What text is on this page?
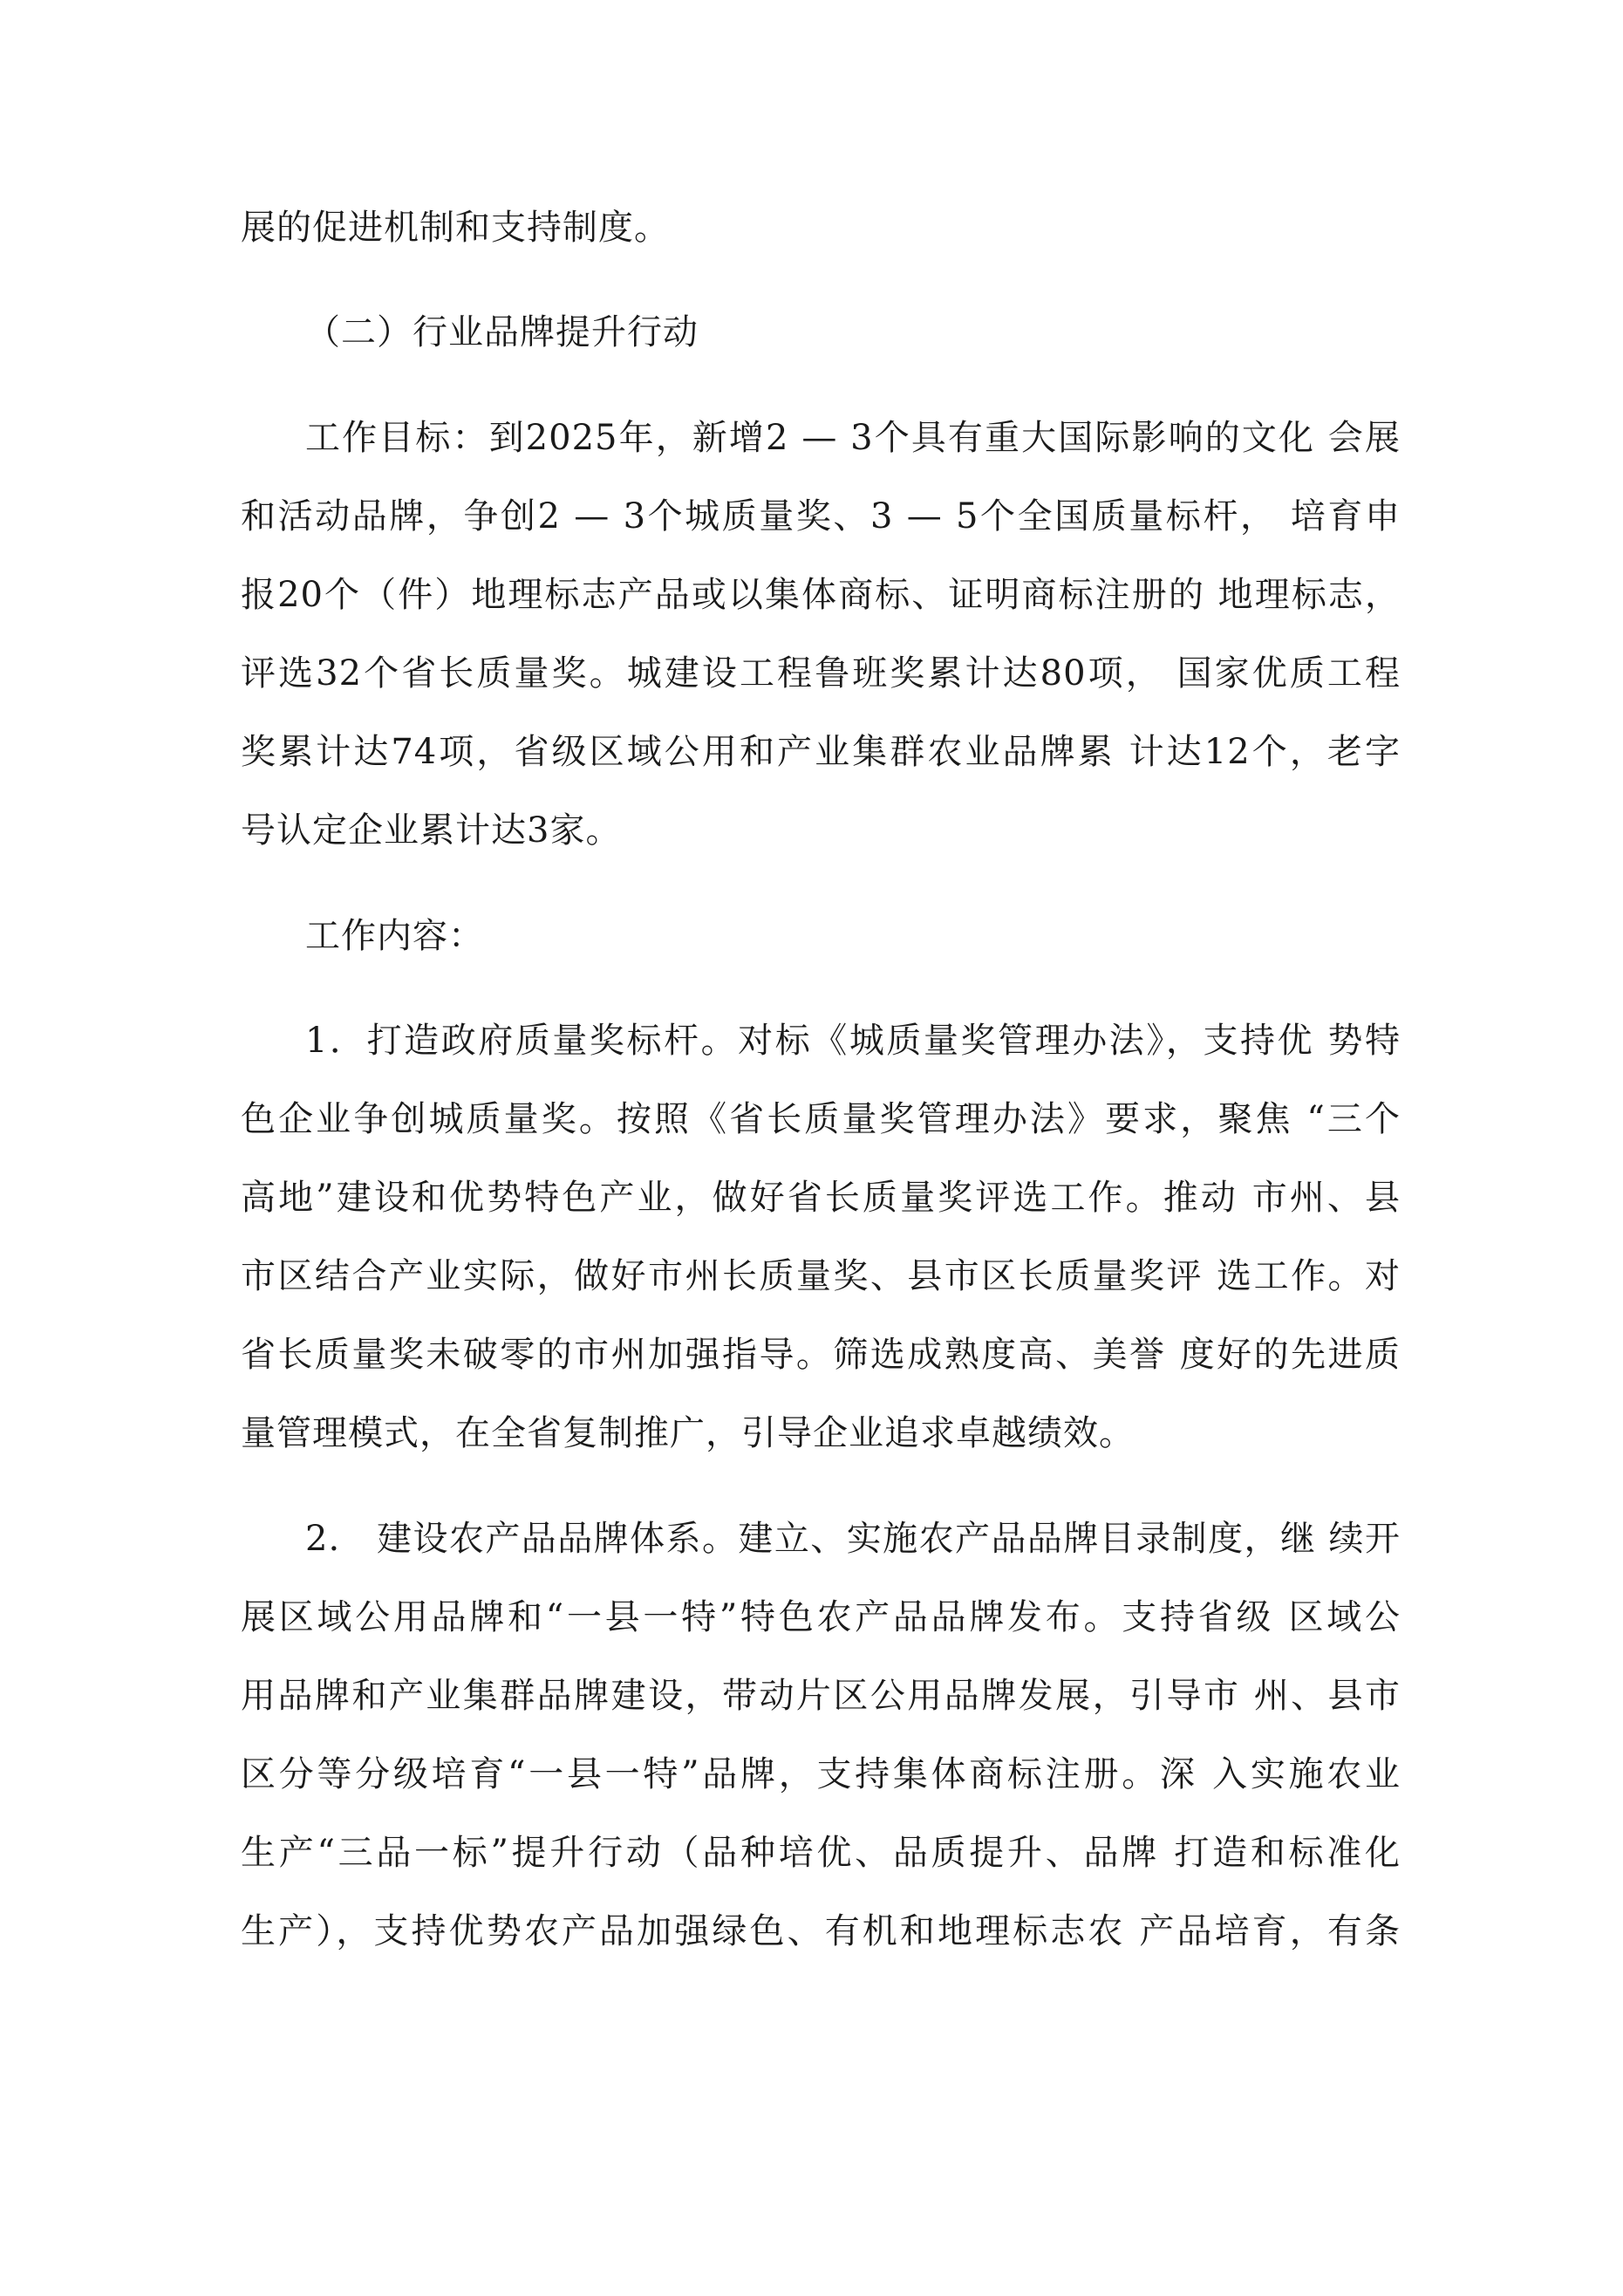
展的促进机制和支持制度。
（二）行业品牌提升行动
工作目标：到2025年，新增2 — 3个具有重大国际影响的文化 会展
和活动品牌，争创2 — 3个城质量奖、3 — 5个全国质量标杆， 培育申
报20个（件）地理标志产品或以集体商标、证明商标注册的 地理标志，
评选32个省长质量奖。城建设工程鲁班奖累计达80项， 国家优质工程
奖累计达74项，省级区域公用和产业集群农业品牌累 计达12个，老字
号认定企业累计达3家。
工作内容：
1．打造政府质量奖标杆。对标《城质量奖管理办法》，支持优 势特
色企业争创城质量奖。按照《省长质量奖管理办法》要求，聚焦 “三个
高地”建设和优势特色产业，做好省长质量奖评选工作。推动 市州、县
市区结合产业实际，做好市州长质量奖、县市区长质量奖评 选工作。对
省长质量奖未破零的市州加强指导。筛选成熟度高、美誉 度好的先进质
量管理模式，在全省复制推广，引导企业追求卓越绩效。
2.　建设农产品品牌体系。建立、实施农产品品牌目录制度，继 续开
展区域公用品牌和“一县一特”特色农产品品牌发布。支持省级 区域公
用品牌和产业集群品牌建设，带动片区公用品牌发展，引导市 州、县市
区分等分级培育“一县一特”品牌，支持集体商标注册。深 入实施农业
生产“三品一标”提升行动（品种培优、品质提升、品牌 打造和标准化
生产），支持优势农产品加强绿色、有机和地理标志农 产品培育，有条
